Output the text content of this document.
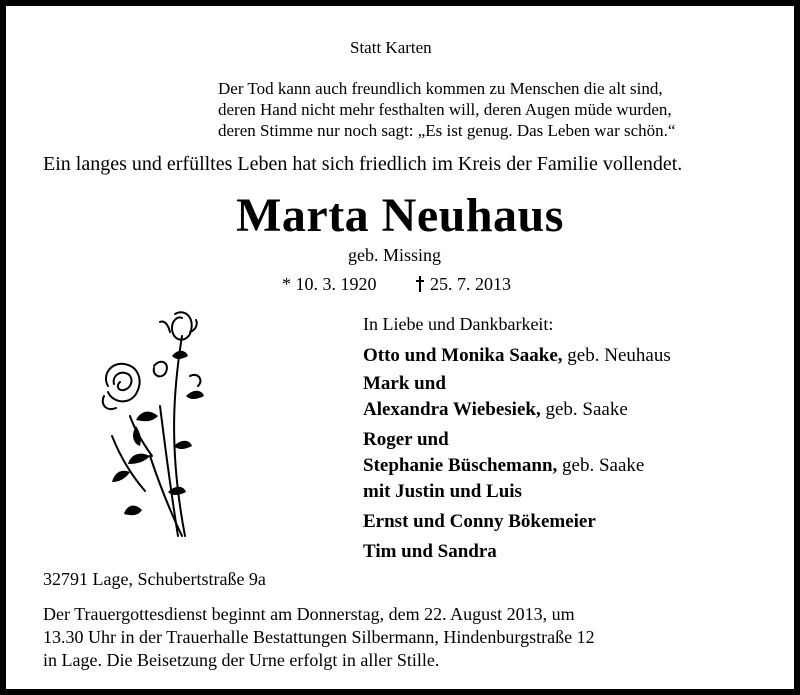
Statt Karten
Der Tod kann auch freundlich kommen zu Menschen die alt sind,
deren Hand nicht mehr festhalten will, deren Augen müde wurden,
deren Stimme nur noch sagt: „Es ist genug. Das Leben war schön.“
Ein langes und erfülltes Leben hat sich friedlich im Kreis der Familie vollendet.
Marta Neuhaus
geb. Missing
* 10. 3. 1920	25. 7. 2013
In Liebe und Dankbarkeit:
Otto und Monika Saake, geb. Neuhaus
Mark und
Alexandra Wiebesiek, geb. Saake
Roger und
Stephanie Büschemann, geb. Saake
mit Justin und Luis
Ernst und Conny Bökemeier
Tim und Sandra
32791 Lage, Schubertstraße 9a
Der Trauergottesdienst beginnt am Donnerstag, dem 22. August 2013, um
13.30 Uhr in der Trauerhalle Bestattungen Silbermann, Hindenburgstraße 12
in Lage. Die Beisetzung der Urne erfolgt in aller Stille.
